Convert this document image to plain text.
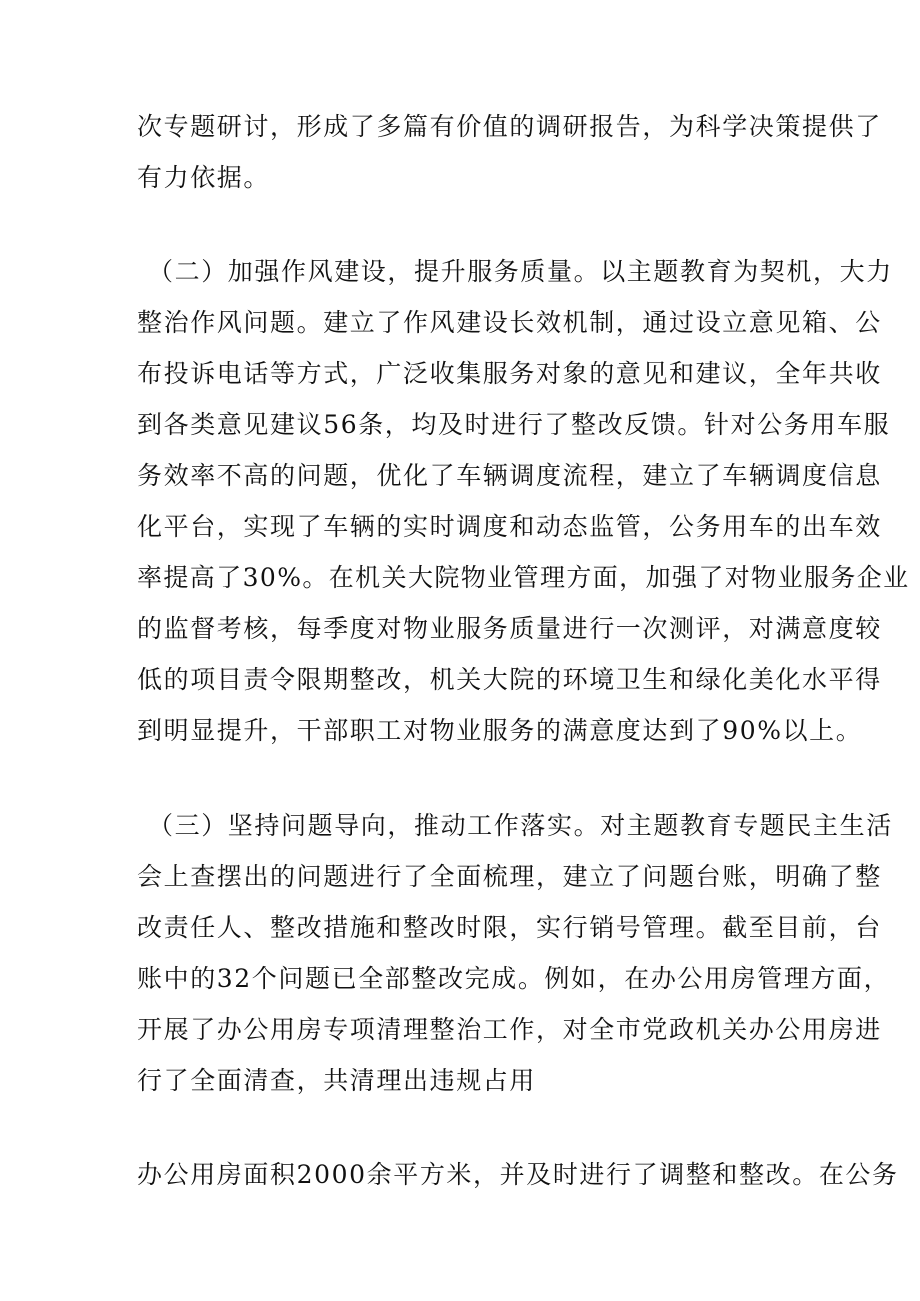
次专题研讨，形成了多篇有价值的调研报告，为科学决策提供了
有力依据。
（二）加强作风建设，提升服务质量。以主题教育为契机，大力
整治作风问题。建立了作风建设长效机制，通过设立意见箱、公
布投诉电话等方式，广泛收集服务对象的意见和建议，全年共收
到各类意见建议56条，均及时进行了整改反馈。针对公务用车服
务效率不高的问题，优化了车辆调度流程，建立了车辆调度信息
化平台，实现了车辆的实时调度和动态监管，公务用车的出车效
率提高了30%。在机关大院物业管理方面，加强了对物业服务企业
的监督考核，每季度对物业服务质量进行一次测评，对满意度较
低的项目责令限期整改，机关大院的环境卫生和绿化美化水平得
到明显提升，干部职工对物业服务的满意度达到了90%以上。
（三）坚持问题导向，推动工作落实。对主题教育专题民主生活
会上查摆出的问题进行了全面梳理，建立了问题台账，明确了整
改责任人、整改措施和整改时限，实行销号管理。截至目前，台
账中的32个问题已全部整改完成。例如，在办公用房管理方面，
开展了办公用房专项清理整治工作，对全市党政机关办公用房进
行了全面清查，共清理出违规占用
办公用房面积2000余平方米，并及时进行了调整和整改。在公务
